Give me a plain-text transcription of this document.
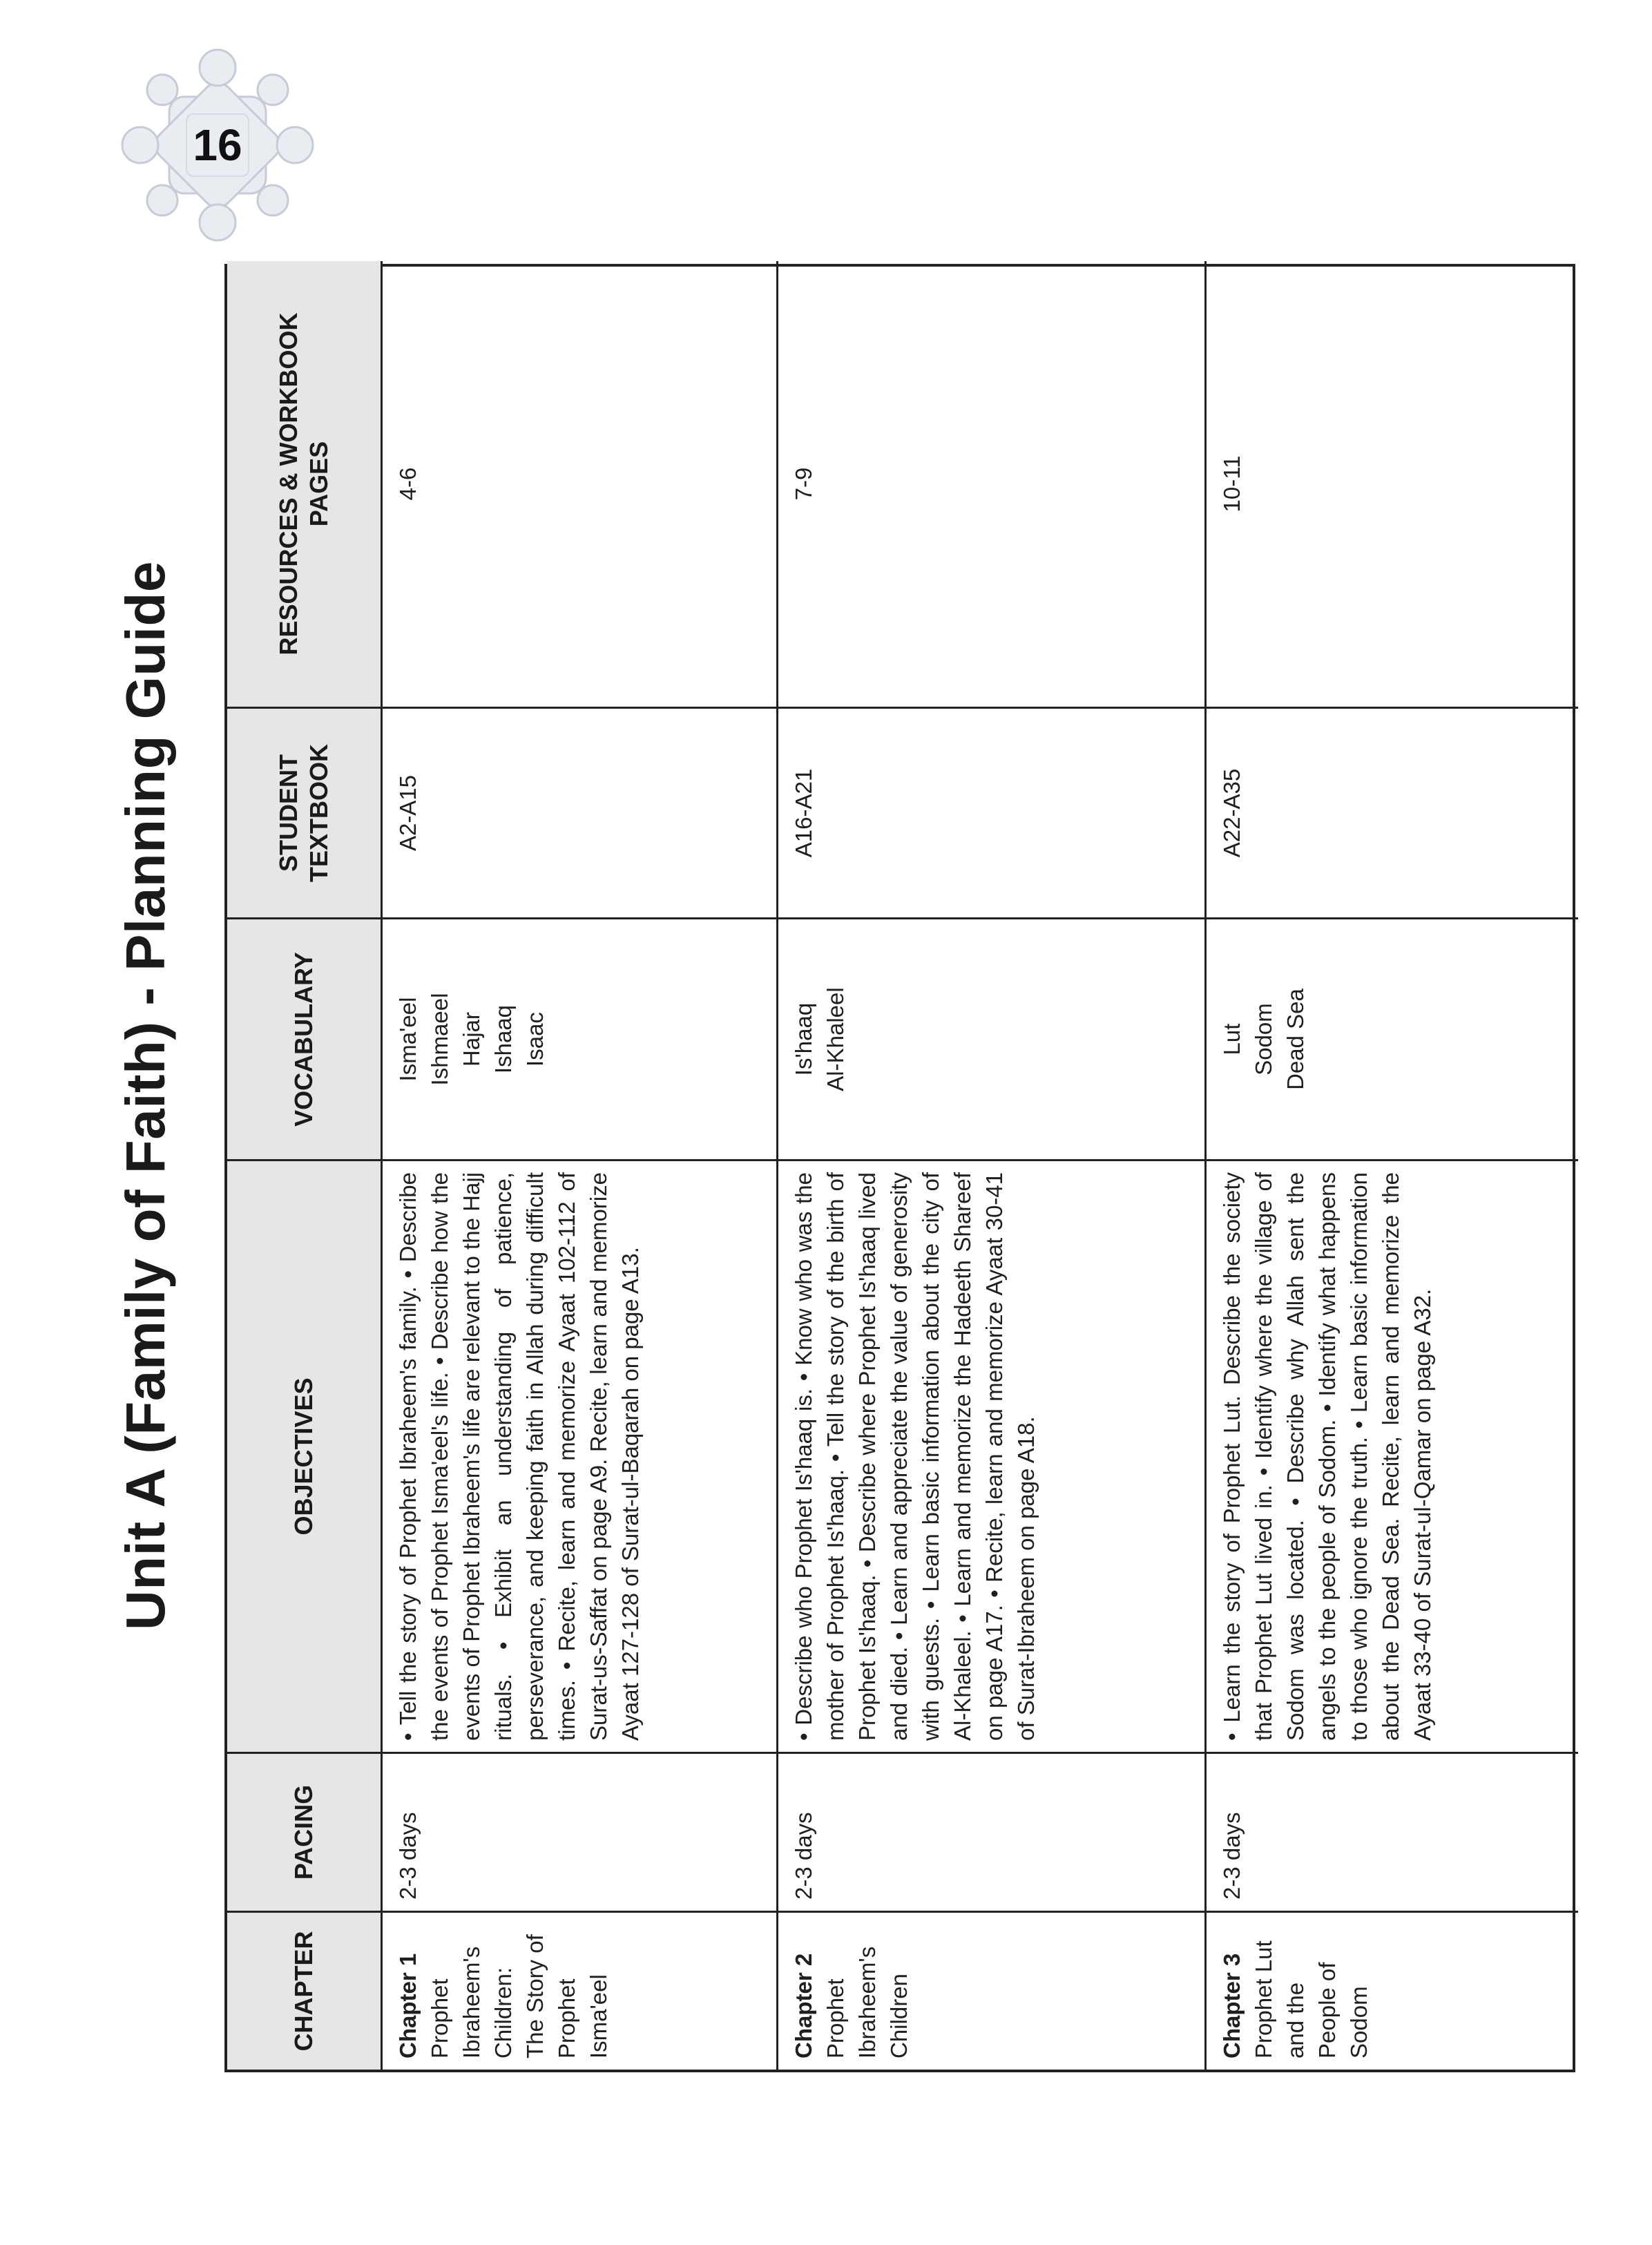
16
Unit A (Family of Faith) - Planning Guide
CHAPTER
PACING
OBJECTIVES
VOCABULARY
STUDENT TEXTBOOK
RESOURCES & WORKBOOK PAGES
Chapter 1 Prophet Ibraheem's Children: The Story of Prophet Isma'eel
2-3 days
• Tell the story of Prophet Ibraheem's family. • Describe the events of Prophet Isma'eel's life. • Describe how the events of Prophet Ibraheem's life are relevant to the Hajj rituals. • Exhibit an understanding of patience, perseverance, and keeping faith in Allah during difficult times. • Recite, learn and memorize Ayaat 102-112 of Surat-us-Saffat on page A9. Recite, learn and memorize Ayaat 127-128 of Surat-ul-Baqarah on page A13.
Isma'eel Ishmaeel Hajar Ishaaq Isaac
A2-A15
4-6
Chapter 2 Prophet Ibraheem's Children
2-3 days
• Describe who Prophet Is'haaq is. • Know who was the mother of Prophet Is'haaq. • Tell the story of the birth of Prophet Is'haaq. • Describe where Prophet Is'haaq lived and died. • Learn and appreciate the value of generosity with guests. • Learn basic information about the city of Al-Khaleel. • Learn and memorize the Hadeeth Shareef on page A17. • Recite, learn and memorize Ayaat 30-41 of Surat-Ibraheem on page A18.
Is'haaq Al-Khaleel
A16-A21
7-9
Chapter 3 Prophet Lut and the People of Sodom
2-3 days
• Learn the story of Prophet Lut. Describe the society that Prophet Lut lived in. • Identify where the village of Sodom was located. • Describe why Allah sent the angels to the people of Sodom. • Identify what happens to those who ignore the truth. • Learn basic information about the Dead Sea. Recite, learn and memorize the Ayaat 33-40 of Surat-ul-Qamar on page A32.
Lut Sodom Dead Sea
A22-A35
10-11
